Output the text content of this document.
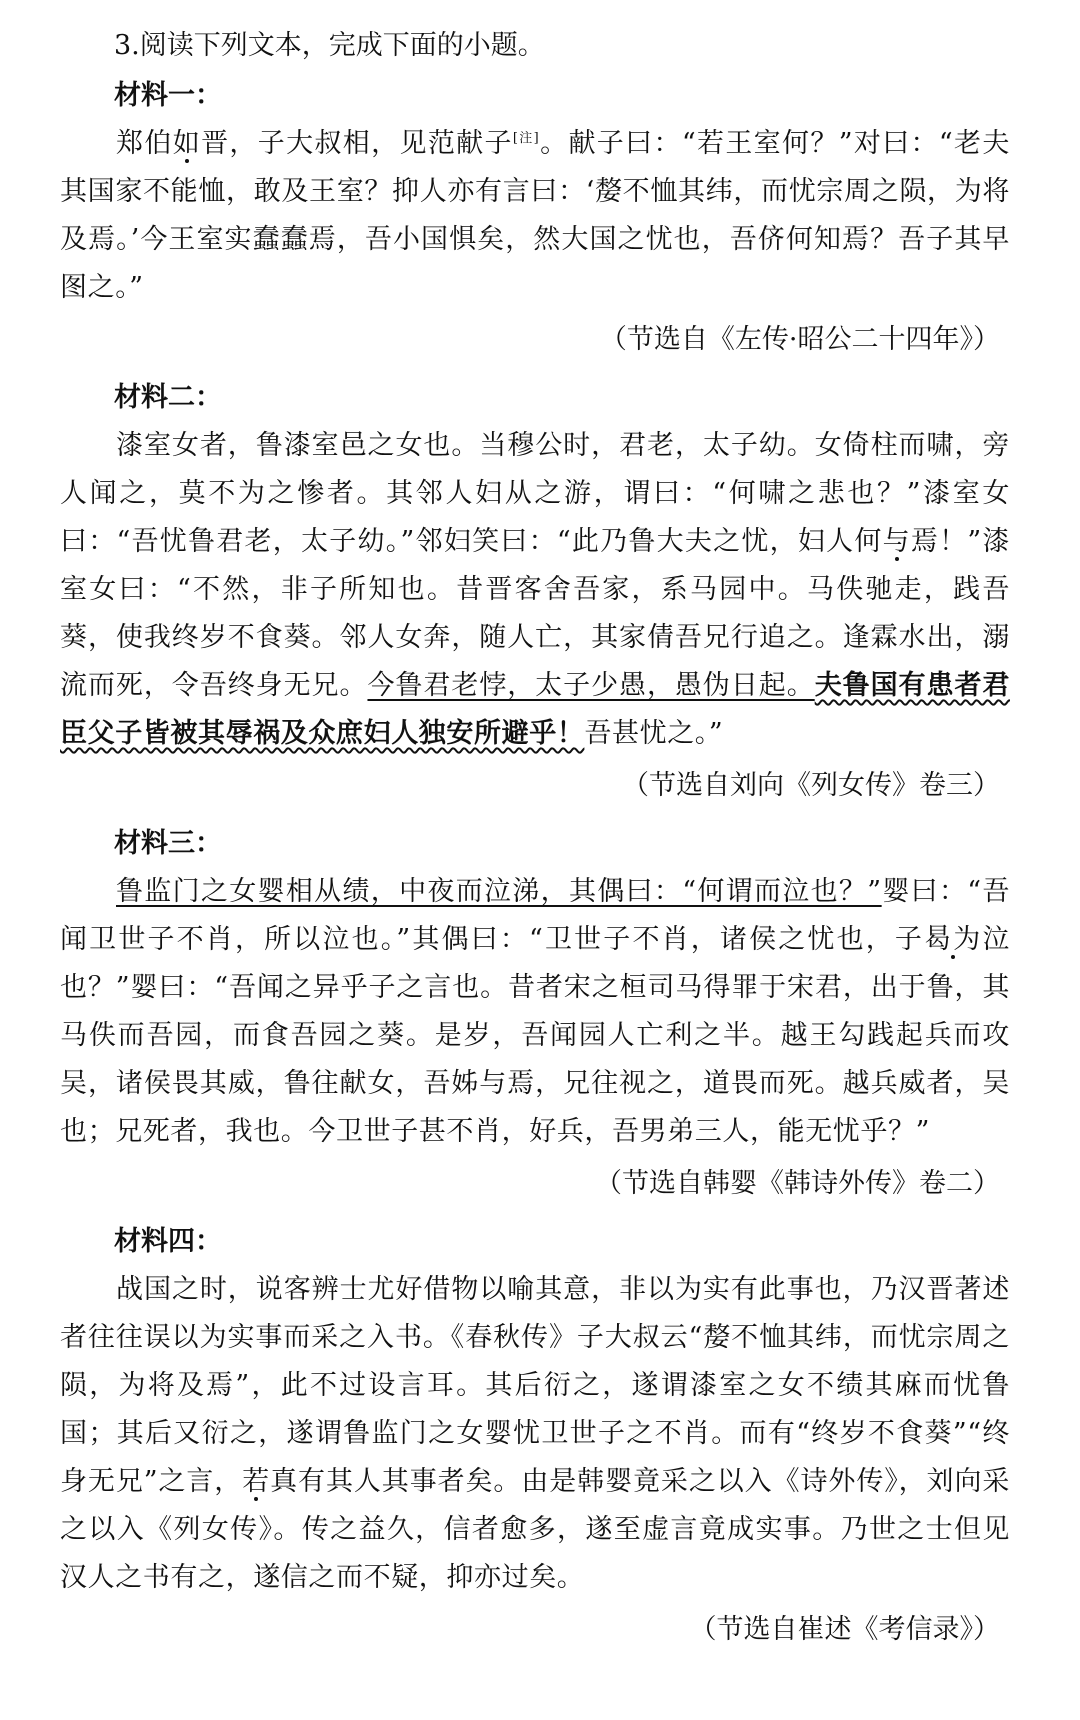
3.阅读下列文本，完成下面的小题。

材料一：

郑伯如晋，子大叔相，见范献子[注]。献子曰：“若王室何？”对曰：“老夫其国家不能恤，敢及王室？抑人亦有言曰：‘嫠不恤其纬，而忧宗周之陨，为将及焉。’今王室实蠢蠢焉，吾小国惧矣，然大国之忧也，吾侪何知焉？吾子其早图之。”

（节选自《左传·昭公二十四年》）

材料二：

漆室女者，鲁漆室邑之女也。当穆公时，君老，太子幼。女倚柱而啸，旁人闻之，莫不为之惨者。其邻人妇从之游，谓曰：“何啸之悲也？”漆室女曰：“吾忧鲁君老，太子幼。”邻妇笑曰：“此乃鲁大夫之忧，妇人何与焉！”漆室女曰：“不然，非子所知也。昔晋客舍吾家，系马园中。马佚驰走，践吾葵，使我终岁不食葵。邻人女奔，随人亡，其家倩吾兄行追之。逢霖水出，溺流而死，令吾终身无兄。今鲁君老悖，太子少愚，愚伪日起。夫鲁国有患者君臣父子皆被其辱祸及众庶妇人独安所避乎！吾甚忧之。”

（节选自刘向《列女传》卷三）

材料三：

鲁监门之女婴相从绩，中夜而泣涕，其偶曰：“何谓而泣也？”婴曰：“吾闻卫世子不肖，所以泣也。”其偶曰：“卫世子不肖，诸侯之忧也，子曷为泣也？”婴曰：“吾闻之异乎子之言也。昔者宋之桓司马得罪于宋君，出于鲁，其马佚而吾园，而食吾园之葵。是岁，吾闻园人亡利之半。越王勾践起兵而攻吴，诸侯畏其威，鲁往献女，吾姊与焉，兄往视之，道畏而死。越兵威者，吴也；兄死者，我也。今卫世子甚不肖，好兵，吾男弟三人，能无忧乎？”

（节选自韩婴《韩诗外传》卷二）

材料四：

战国之时，说客辨士尤好借物以喻其意，非以为实有此事也，乃汉晋著述者往往误以为实事而采之入书。《春秋传》子大叔云“嫠不恤其纬，而忧宗周之陨，为将及焉”，此不过设言耳。其后衍之，遂谓漆室之女不绩其麻而忧鲁国；其后又衍之，遂谓鲁监门之女婴忧卫世子之不肖。而有“终岁不食葵”“终身无兄”之言，若真有其人其事者矣。由是韩婴竟采之以入《诗外传》，刘向采之以入《列女传》。传之益久，信者愈多，遂至虚言竟成实事。乃世之士但见汉人之书有之，遂信之而不疑，抑亦过矣。

（节选自崔述《考信录》）
